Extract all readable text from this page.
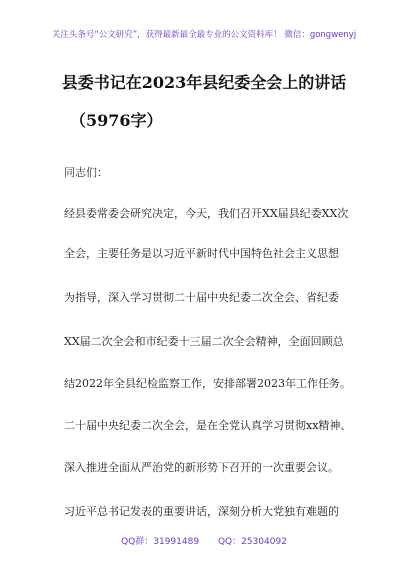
关注头条号“公文研究”，获得最新最全最专业的公文资料库！ 微信：gongwenyj
县委书记在2023年县纪委全会上的讲话
（5976字）
同志们：
经县委常委会研究决定，今天，我们召开XX届县纪委XX次
全会，主要任务是以习近平新时代中国特色社会主义思想
为指导，深入学习贯彻二十届中央纪委二次全会、省纪委
XX届二次全会和市纪委十三届二次全会精神，全面回顾总
结2022年全县纪检监察工作，安排部署2023年工作任务。
二十届中央纪委二次全会，是在全党认真学习贯彻xx精神、
深入推进全面从严治党的新形势下召开的一次重要会议。
习近平总书记发表的重要讲话，深刻分析大党独有难题的
QQ群：31991489 QQ：25304092
